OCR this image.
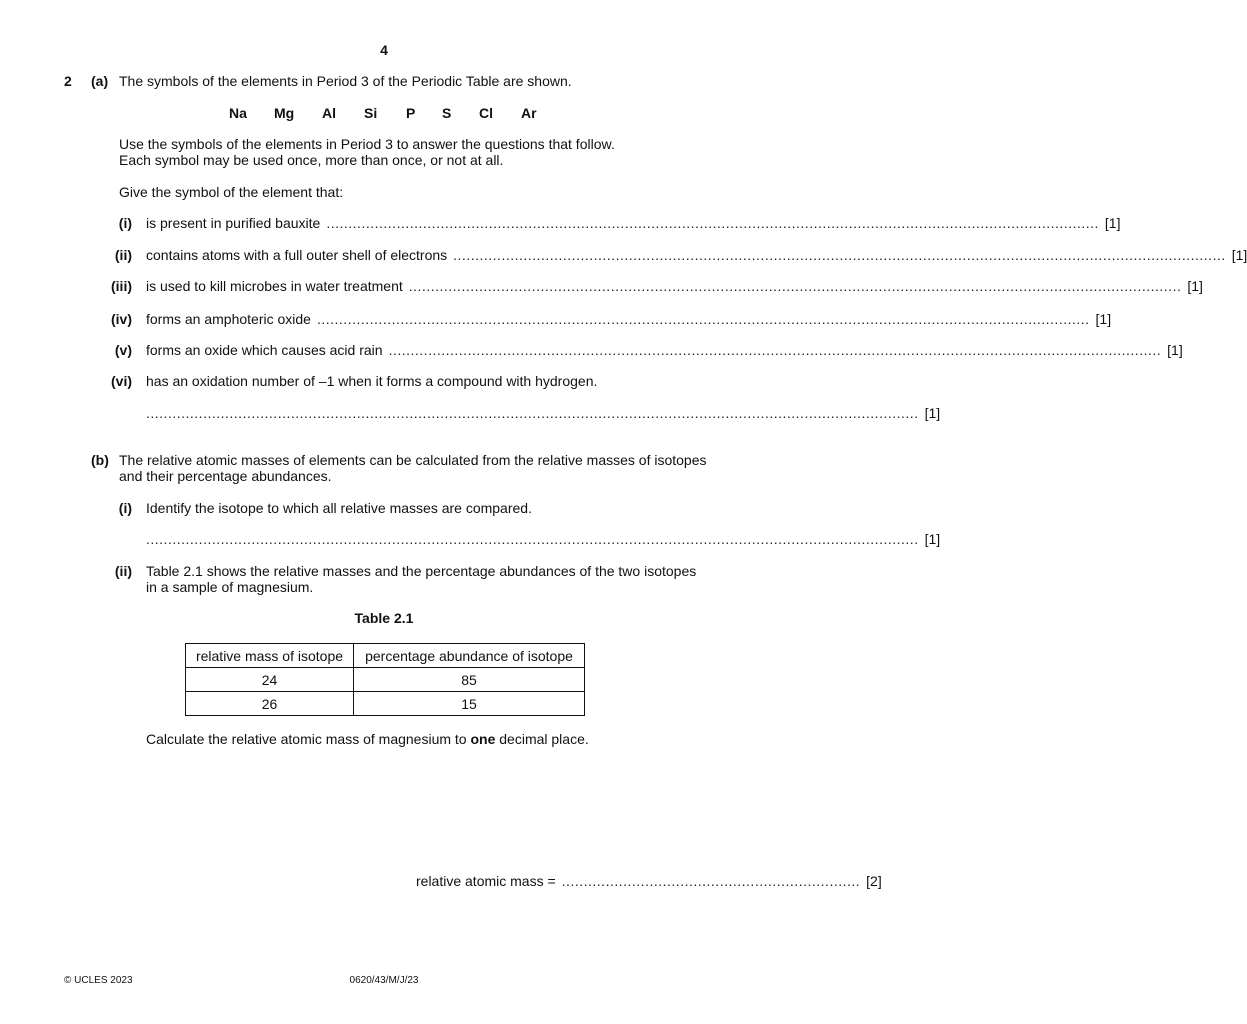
4
2 (a) The symbols of the elements in Period 3 of the Periodic Table are shown.
Na	Mg	Al	Si	P	S	Cl	Ar
Use the symbols of the elements in Period 3 to answer the questions that follow.
Each symbol may be used once, more than once, or not at all.
Give the symbol of the element that:
(i) is present in purified bauxite ................................................................................................................................................................................ [1]
(ii) contains atoms with a full outer shell of electrons ................................................................................................................................................................................ [1]
(iii) is used to kill microbes in water treatment ................................................................................................................................................................................ [1]
(iv) forms an amphoteric oxide ................................................................................................................................................................................ [1]
(v) forms an oxide which causes acid rain ................................................................................................................................................................................ [1]
(vi) has an oxidation number of –1 when it forms a compound with hydrogen.
................................................................................................................................................................................ [1]
(b) The relative atomic masses of elements can be calculated from the relative masses of isotopes
and their percentage abundances.
(i) Identify the isotope to which all relative masses are compared.
................................................................................................................................................................................ [1]
(ii) Table 2.1 shows the relative masses and the percentage abundances of the two isotopes
in a sample of magnesium.
Table 2.1
relative mass of isotope	percentage abundance of isotope
24	85
26	15
Calculate the relative atomic mass of magnesium to one decimal place.
relative atomic mass = .................................................................... [2]
© UCLES 2023	0620/43/M/J/23
